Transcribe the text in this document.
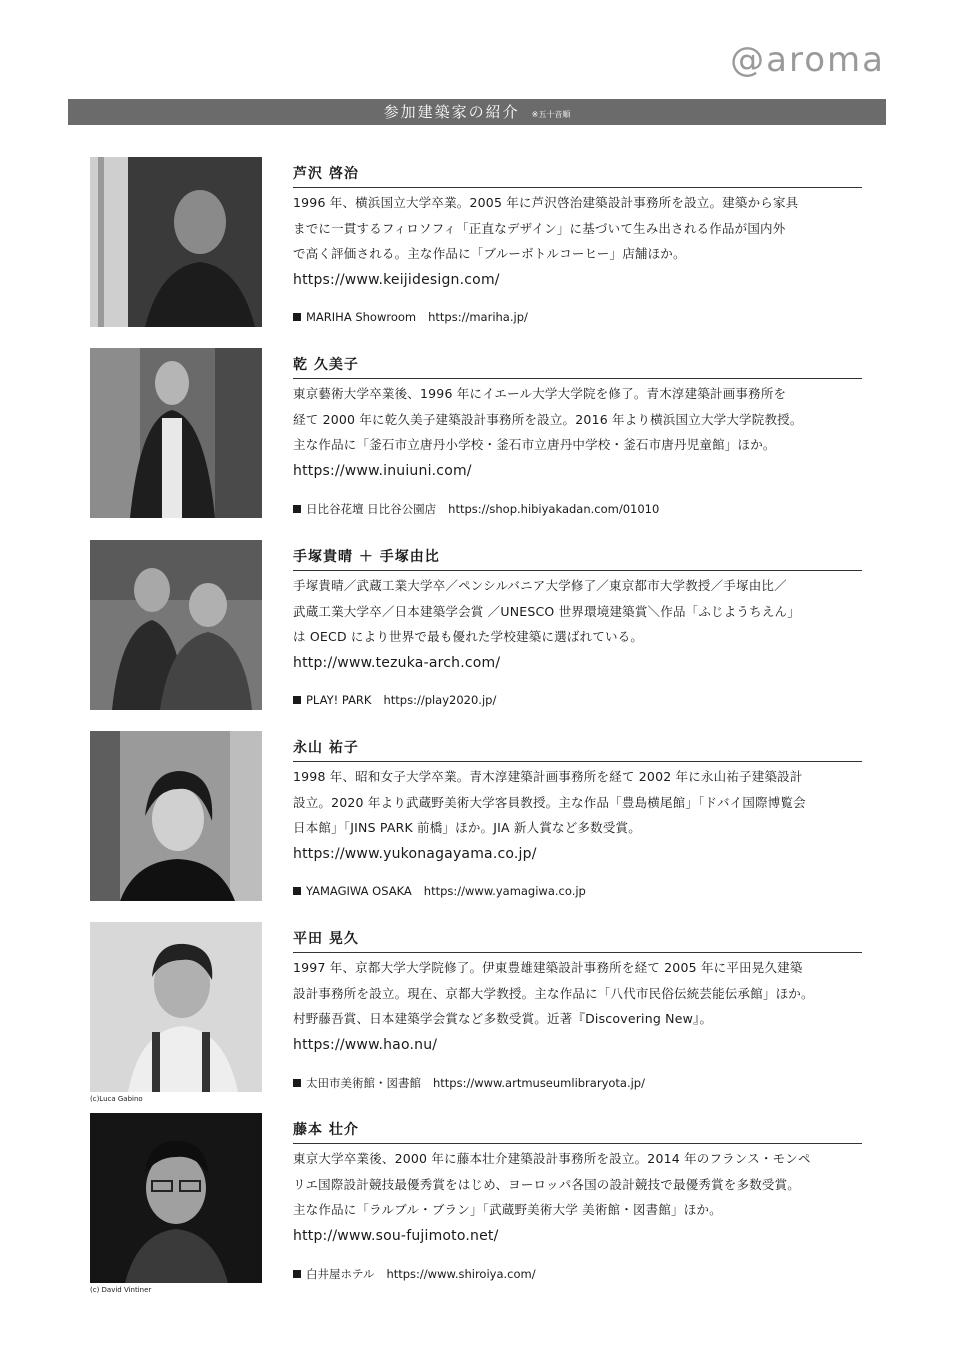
@aroma
参加建築家の紹介 ※五十音順
芦沢 啓治
1996 年、横浜国立大学卒業。2005 年に芦沢啓治建築設計事務所を設立。建築から家具
までに一貫するフィロソフィ「正直なデザイン」に基づいて生み出される作品が国内外
で高く評価される。主な作品に「ブルーボトルコーヒー」店舗ほか。
https://www.keijidesign.com/
MARIHA Showroom https://mariha.jp/
乾 久美子
東京藝術大学卒業後、1996 年にイエール大学大学院を修了。青木淳建築計画事務所を
経て 2000 年に乾久美子建築設計事務所を設立。2016 年より横浜国立大学大学院教授。
主な作品に「釜石市立唐丹小学校・釜石市立唐丹中学校・釜石市唐丹児童館」ほか。
https://www.inuiuni.com/
日比谷花壇 日比谷公園店 https://shop.hibiyakadan.com/01010
手塚貴晴 ＋ 手塚由比
手塚貴晴／武蔵工業大学卒／ペンシルバニア大学修了／東京都市大学教授／手塚由比／
武蔵工業大学卒／日本建築学会賞 ／UNESCO 世界環境建築賞＼作品「ふじようちえん」
は OECD により世界で最も優れた学校建築に選ばれている。
http://www.tezuka-arch.com/
PLAY! PARK https://play2020.jp/
永山 祐子
1998 年、昭和女子大学卒業。青木淳建築計画事務所を経て 2002 年に永山祐子建築設計
設立。2020 年より武蔵野美術大学客員教授。主な作品「豊島横尾館」「ドバイ国際博覧会
日本館」「JINS PARK 前橋」ほか。JIA 新人賞など多数受賞。
https://www.yukonagayama.co.jp/
YAMAGIWA OSAKA https://www.yamagiwa.co.jp
(c)Luca Gabino
平田 晃久
1997 年、京都大学大学院修了。伊東豊雄建築設計事務所を経て 2005 年に平田晃久建築
設計事務所を設立。現在、京都大学教授。主な作品に「八代市民俗伝統芸能伝承館」ほか。
村野藤吾賞、日本建築学会賞など多数受賞。近著『Discovering New』。
https://www.hao.nu/
太田市美術館・図書館 https://www.artmuseumlibraryota.jp/
(c) David Vintiner
藤本 壮介
東京大学卒業後、2000 年に藤本壮介建築設計事務所を設立。2014 年のフランス・モンペ
リエ国際設計競技最優秀賞をはじめ、ヨーロッパ各国の設計競技で最優秀賞を多数受賞。
主な作品に「ラルブル・ブラン」「武蔵野美術大学 美術館・図書館」ほか。
http://www.sou-fujimoto.net/
白井屋ホテル https://www.shiroiya.com/
